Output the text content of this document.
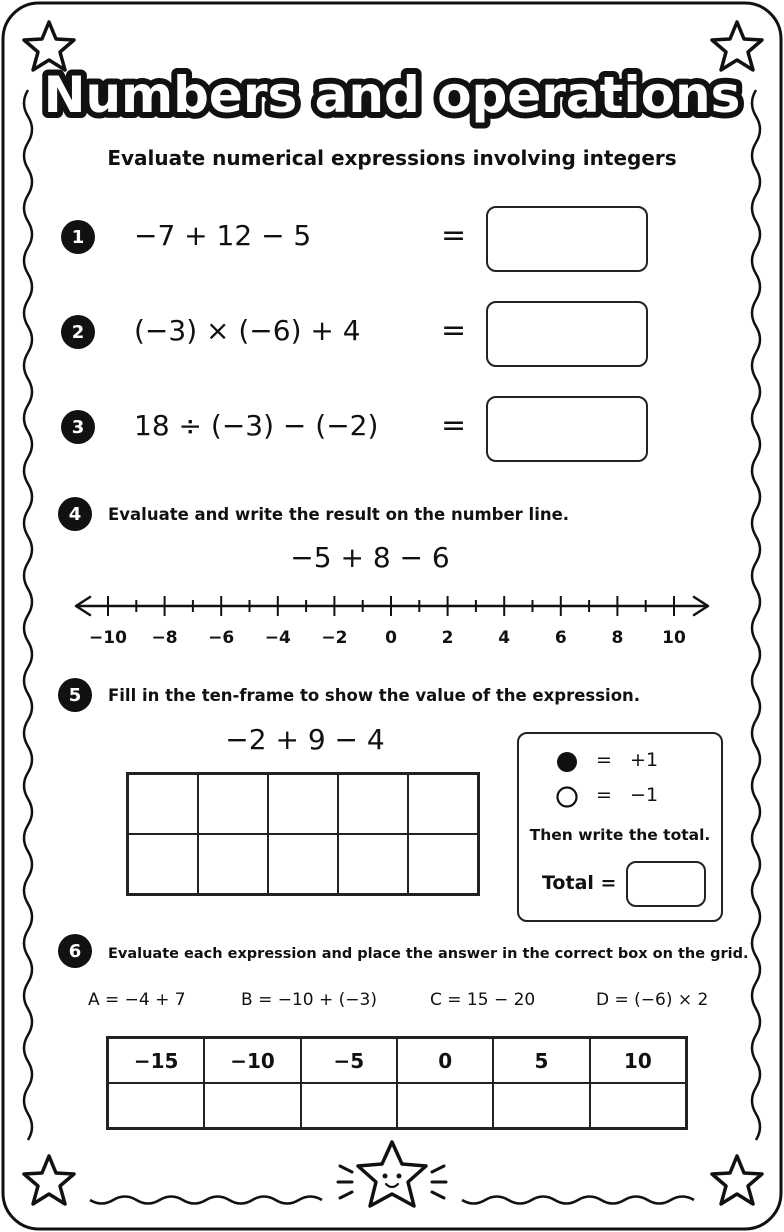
Numbers and operations
Evaluate numerical expressions involving integers
1	−7 + 12 − 5	=
2	(−3) × (−6) + 4	=
3	18 ÷ (−3) − (−2) =
4	Evaluate and write the result on the number line.
−5 + 8 − 6
−10	−8	−6	−4	−2	0	2	4	6	8	10
5	Fill in the ten-frame to show the value of the expression.
−2 + 9 − 4
=   +1
=   −1
Then write the total.
Total =
6	Evaluate each expression and place the answer in the correct box on the grid.
A = −4 + 7	B = −10 + (−3)	C = 15 − 20	D = (−6) × 2
−15	−10	−5	0	5	10
